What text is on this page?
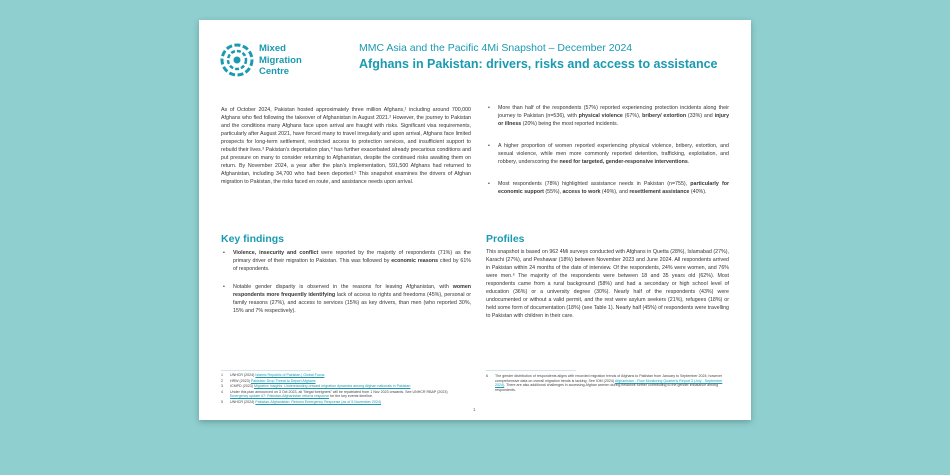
Mixed
Migration
Centre
MMC Asia and the Pacific 4Mi Snapshot – December 2024
Afghans in Pakistan: drivers, risks and access to assistance

As of October 2024, Pakistan hosted approximately three million Afghans,¹ including around 700,000 Afghans who fled following the takeover of Afghanistan in August 2021.² However, the journey to Pakistan and the conditions many Afghans face upon arrival are fraught with risks. Significant visa requirements, particularly after August 2021, have forced many to travel irregularly and upon arrival, Afghans face limited prospects for long-term settlement, restricted access to protection services, and insufficient support to rebuild their lives.³ Pakistan's deportation plan,⁴ has further exacerbated already precarious conditions and put pressure on many to consider returning to Afghanistan, despite the continued risks awaiting them on return. By November 2024, a year after the plan's implementation, 591,500 Afghans had returned to Afghanistan, including 34,700 who had been deported.⁵ This snapshot examines the drivers of Afghan migration to Pakistan, the risks faced en route, and assistance needs upon arrival.

Key findings
• Violence, insecurity and conflict were reported by the majority of respondents (71%) as the primary driver of their migration to Pakistan. This was followed by economic reasons cited by 61% of respondents.
• Notable gender disparity is observed in the reasons for leaving Afghanistan, with women respondents more frequently identifying lack of access to rights and freedoms (45%), personal or family reasons (27%), and access to services (15%) as key drivers, than men (who reported 30%, 15% and 7% respectively).
• More than half of the respondents (57%) reported experiencing protection incidents along their journey to Pakistan (n=536), with physical violence (67%), bribery/ extortion (33%) and injury or illness (20%) being the most reported incidents.
• A higher proportion of women reported experiencing physical violence, bribery, extortion, and sexual violence, while men more commonly reported detention, trafficking, exploitation, and robbery, underscoring the need for targeted, gender-responsive interventions.
• Most respondents (78%) highlighted assistance needs in Pakistan (n=755), particularly for economic support (55%), access to work (49%), and resettlement assistance (40%).
Profiles

This snapshot is based on 962 4Mi surveys conducted with Afghans in Quetta (28%), Islamabad (27%), Karachi (27%), and Peshawar (18%) between November 2023 and June 2024. All respondents arrived in Pakistan within 24 months of the date of interview. Of the respondents, 24% were women, and 76% were men.⁶ The majority of the respondents were between 18 and 35 years old (62%). Most respondents came from a rural background (58%) and had a secondary or high school level of education (36%) or a university degree (30%). Nearly half of the respondents (43%) were undocumented or without a valid permit, and the rest were asylum seekers (21%), refugees (18%) or held some form of documentation (18%) (see Table 1). Nearly half (45%) of respondents were travelling to Pakistan with children in their care.

1	UNHCR (2024) Islamic Republic of Pakistan | Global Focus
2	HRW (2023) Pakistan: Drop Threat to Deport Afghans
3	ICMPD (2023) Migration Insights: Understanding onward migration dynamics among Afghan nationals in Pakistan
4	Under this plan announced on 3 Oct 2023, all "illegal foreigners" will be repatriated from 1 Nov 2023 onwards. See UNHCR RBAP (2023) Emergency update #7: Pakistan-Afghanistan returns response for the key events timeline.
5	UNHCR (2024) Pakistan-Afghanistan: Returns Emergency Response (as of 5 November 2024)
6	The gender distribution of respondents aligns with recorded migration trends of Afghans to Pakistan from January to September 2024; however comprehensive data on overall migration trends is lacking. See IOM (2024) Afghanistan - Flow Monitoring Quarterly Report 3 (July - September 2024). There are also additional challenges in accessing Afghan women during fieldwork further contributing to the gender imbalance among respondents.
1
